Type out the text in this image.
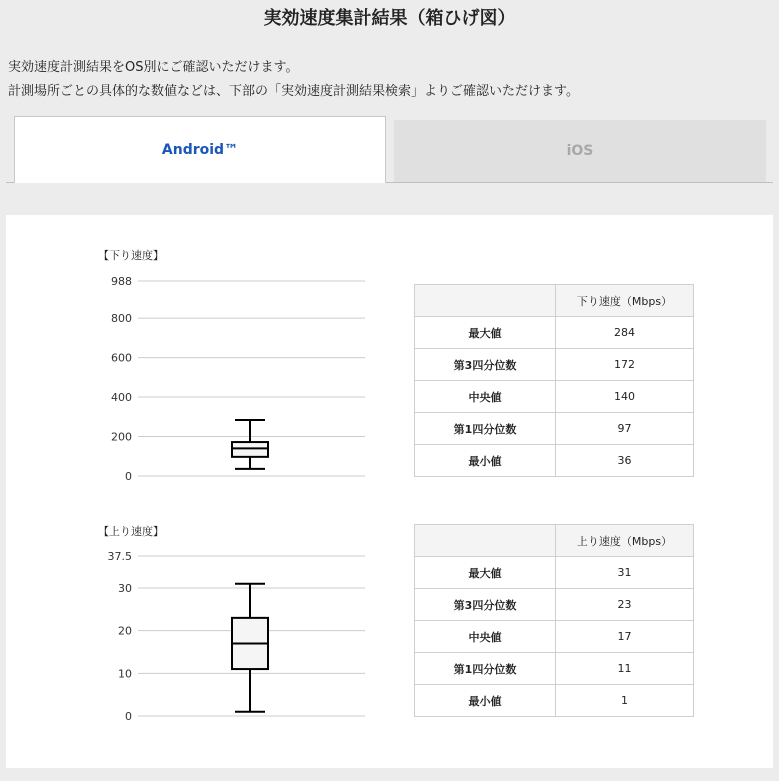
実効速度集計結果（箱ひげ図）
実効速度計測結果をOS別にご確認いただけます。
計測場所ごとの具体的な数値などは、下部の「実効速度計測結果検索」よりご確認いただけます。
Android™	iOS
【下り速度】
0
200
400
600
800
988
	下り速度（Mbps）
最大値	284
第3四分位数	172
中央値	140
第1四分位数	97
最小値	36
【上り速度】
0
10
20
30
37.5
	上り速度（Mbps）
最大値	31
第3四分位数	23
中央値	17
第1四分位数	11
最小値	1
